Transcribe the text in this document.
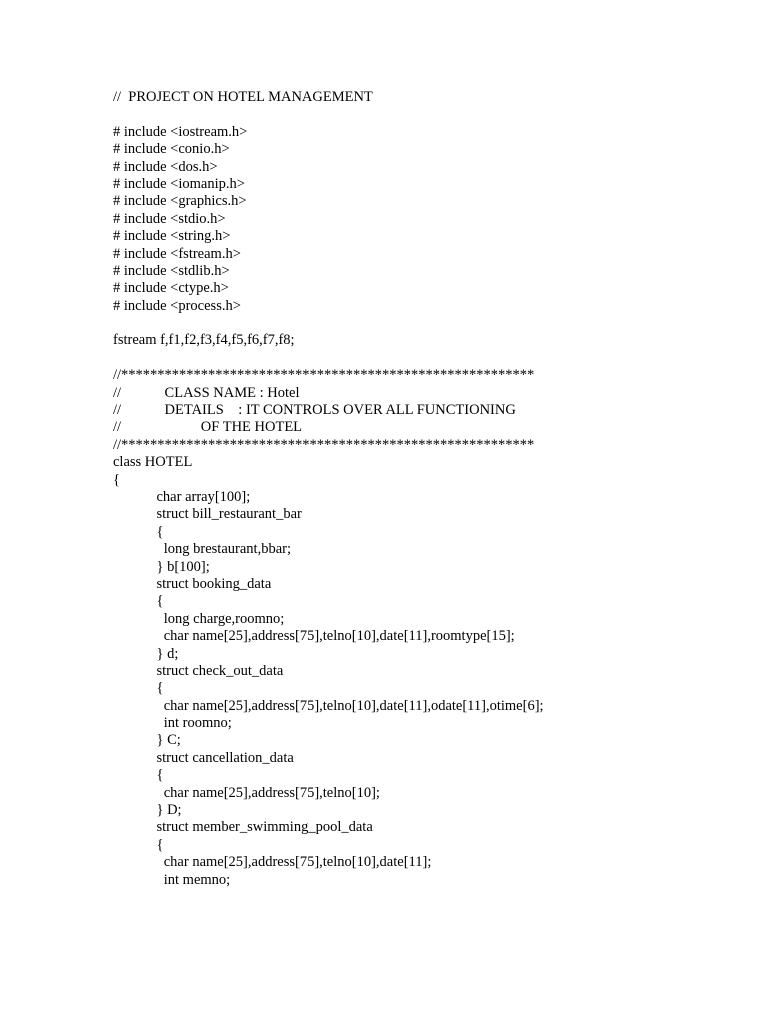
//  PROJECT ON HOTEL MANAGEMENT
# include <iostream.h>
# include <conio.h>
# include <dos.h>
# include <iomanip.h>
# include <graphics.h>
# include <stdio.h>
# include <string.h>
# include <fstream.h>
# include <stdlib.h>
# include <ctype.h>
# include <process.h>
fstream f,f1,f2,f3,f4,f5,f6,f7,f8;
//*********************************************************
//            CLASS NAME : Hotel
//            DETAILS    : IT CONTROLS OVER ALL FUNCTIONING
//                      OF THE HOTEL
//*********************************************************
class HOTEL
{
char array[100];
struct bill_restaurant_bar
{
long brestaurant,bbar;
} b[100];
struct booking_data
{
long charge,roomno;
char name[25],address[75],telno[10],date[11],roomtype[15];
} d;
struct check_out_data
{
char name[25],address[75],telno[10],date[11],odate[11],otime[6];
int roomno;
} C;
struct cancellation_data
{
char name[25],address[75],telno[10];
} D;
struct member_swimming_pool_data
{
char name[25],address[75],telno[10],date[11];
int memno;
